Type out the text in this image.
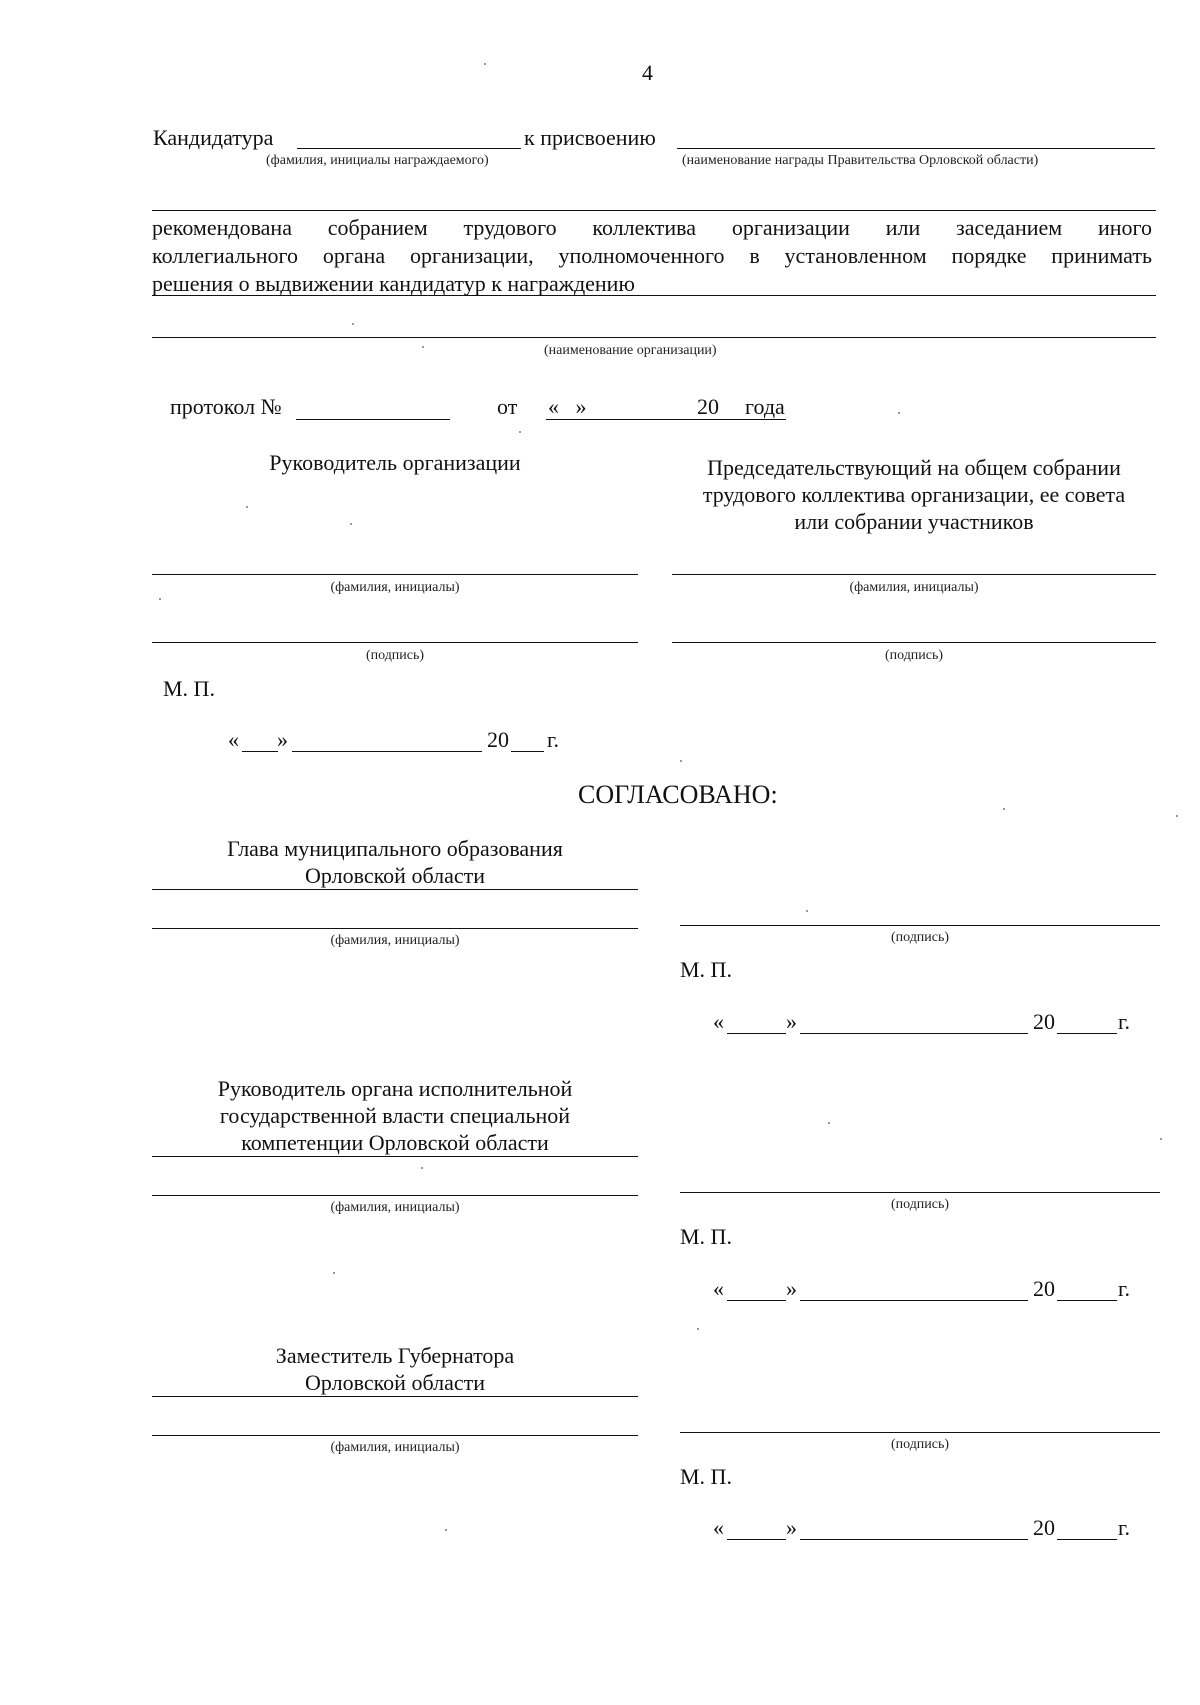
4
Кандидатура	к присвоению
(фамилия, инициалы награждаемого)	(наименование награды Правительства Орловской области)
рекомендована собранием трудового коллектива организации или заседанием иного
коллегиального органа организации, уполномоченного в установленном порядке принимать
решения о выдвижении кандидатур к награждению
(наименование организации)
протокол №	от «   »	20 года
Руководитель организации
(фамилия, инициалы)
(подпись)
М. П.
« »	20 г.
Председательствующий на общем собрании
трудового коллектива организации, ее совета
или собрании участников
(фамилия, инициалы)
(подпись)
СОГЛАСОВАНО:
Глава муниципального образования
Орловской области
(фамилия, инициалы)	(подпись)
М. П.
«	»	20	г.
Руководитель органа исполнительной
государственной власти специальной
компетенции Орловской области
(фамилия, инициалы)	(подпись)
М. П.
«	»	20	г.
Заместитель Губернатора
Орловской области
(фамилия, инициалы)	(подпись)
М. П.
«	»	20	г.
